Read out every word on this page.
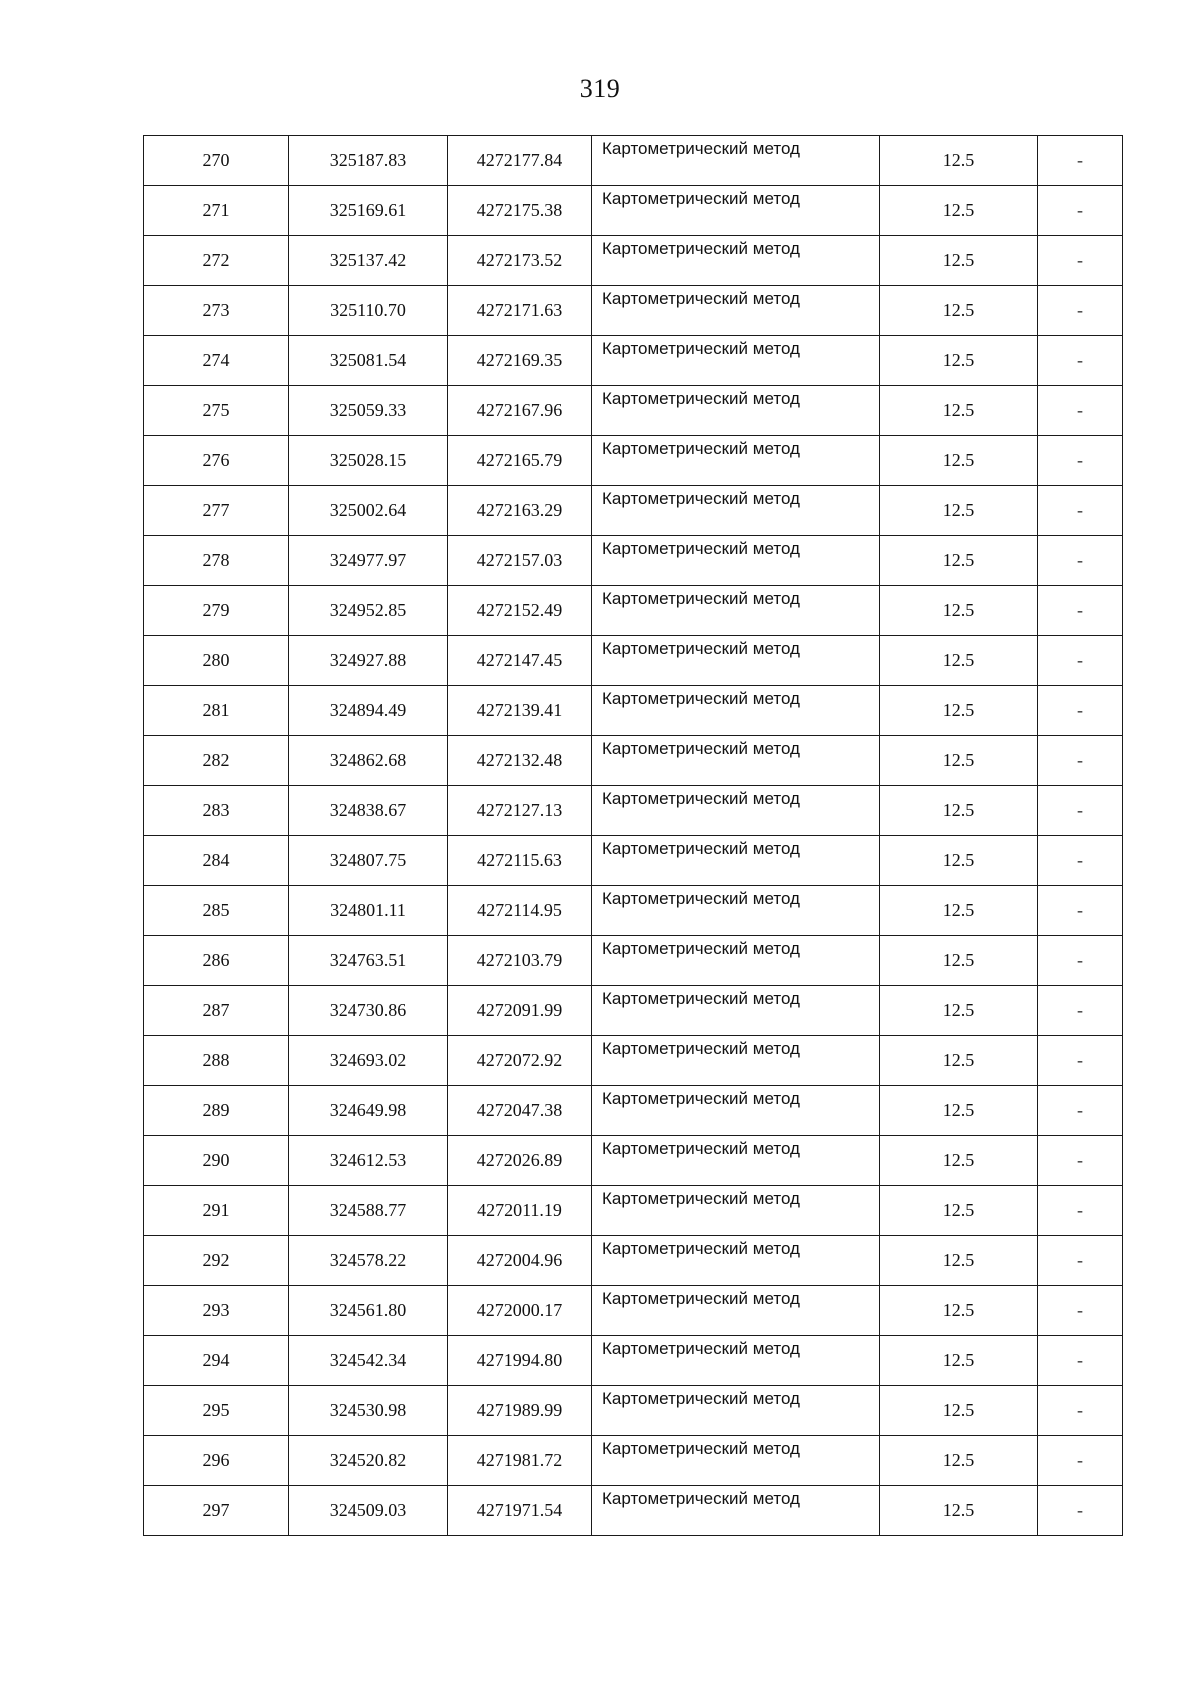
319
270	325187.83	4272177.84	Картометрический метод	12.5	-
271	325169.61	4272175.38	Картометрический метод	12.5	-
272	325137.42	4272173.52	Картометрический метод	12.5	-
273	325110.70	4272171.63	Картометрический метод	12.5	-
274	325081.54	4272169.35	Картометрический метод	12.5	-
275	325059.33	4272167.96	Картометрический метод	12.5	-
276	325028.15	4272165.79	Картометрический метод	12.5	-
277	325002.64	4272163.29	Картометрический метод	12.5	-
278	324977.97	4272157.03	Картометрический метод	12.5	-
279	324952.85	4272152.49	Картометрический метод	12.5	-
280	324927.88	4272147.45	Картометрический метод	12.5	-
281	324894.49	4272139.41	Картометрический метод	12.5	-
282	324862.68	4272132.48	Картометрический метод	12.5	-
283	324838.67	4272127.13	Картометрический метод	12.5	-
284	324807.75	4272115.63	Картометрический метод	12.5	-
285	324801.11	4272114.95	Картометрический метод	12.5	-
286	324763.51	4272103.79	Картометрический метод	12.5	-
287	324730.86	4272091.99	Картометрический метод	12.5	-
288	324693.02	4272072.92	Картометрический метод	12.5	-
289	324649.98	4272047.38	Картометрический метод	12.5	-
290	324612.53	4272026.89	Картометрический метод	12.5	-
291	324588.77	4272011.19	Картометрический метод	12.5	-
292	324578.22	4272004.96	Картометрический метод	12.5	-
293	324561.80	4272000.17	Картометрический метод	12.5	-
294	324542.34	4271994.80	Картометрический метод	12.5	-
295	324530.98	4271989.99	Картометрический метод	12.5	-
296	324520.82	4271981.72	Картометрический метод	12.5	-
297	324509.03	4271971.54	Картометрический метод	12.5	-
